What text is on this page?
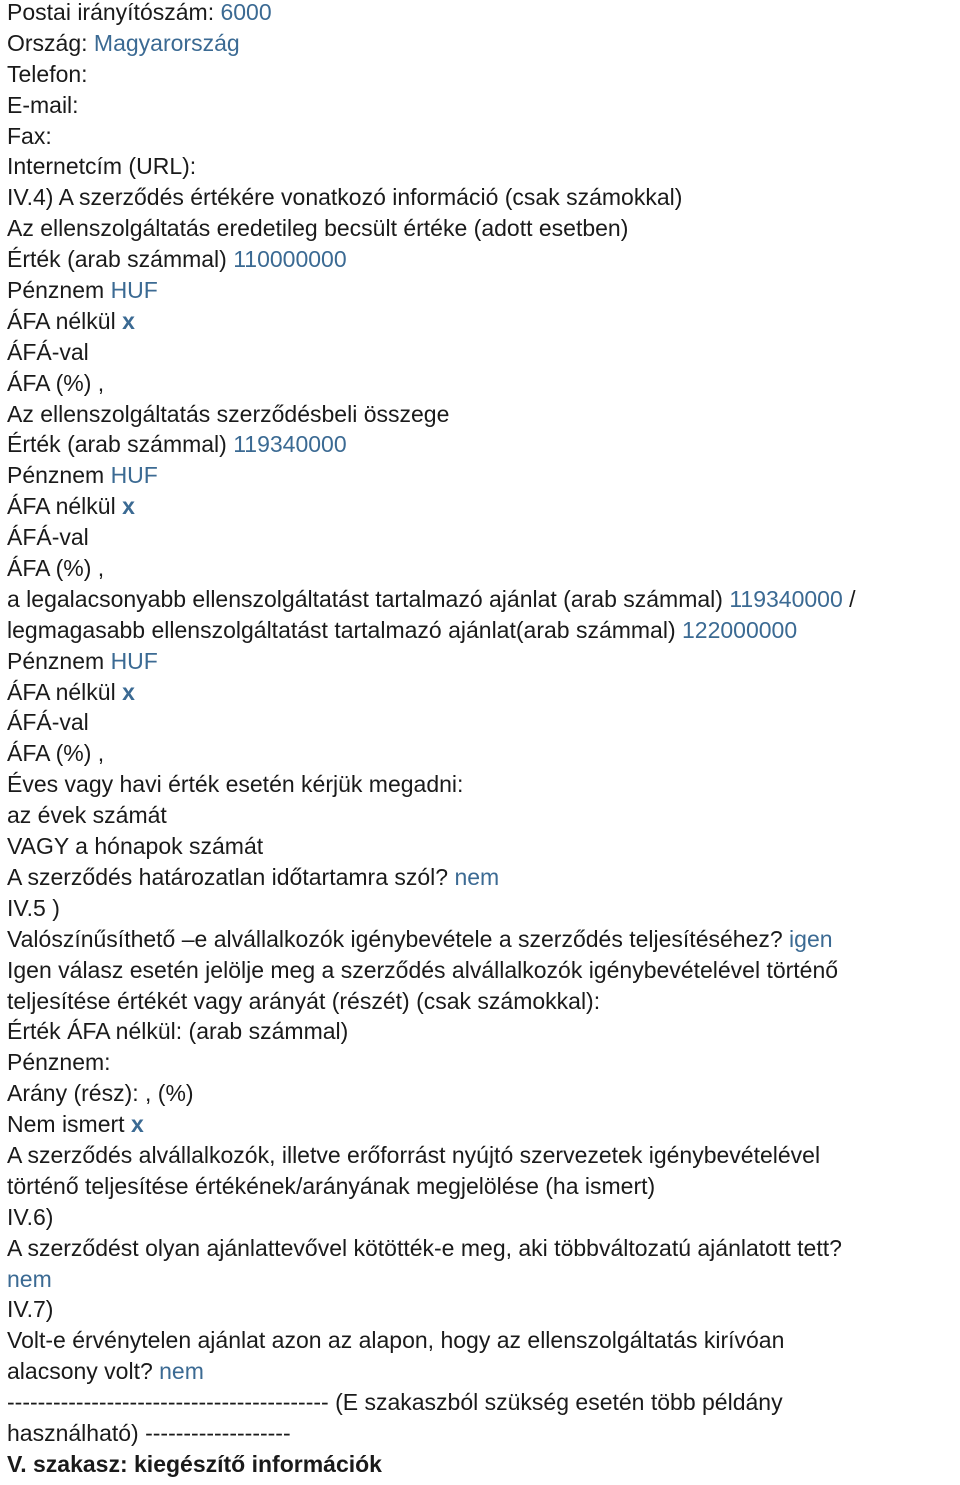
Postai irányítószám: 6000
Ország: Magyarország
Telefon:
E-mail:
Fax:
Internetcím (URL):
IV.4) A szerződés értékére vonatkozó információ (csak számokkal)
Az ellenszolgáltatás eredetileg becsült értéke (adott esetben)
Érték (arab számmal) 110000000
Pénznem HUF
ÁFA nélkül x
ÁFÁ-val
ÁFA (%) ,
Az ellenszolgáltatás szerződésbeli összege
Érték (arab számmal) 119340000
Pénznem HUF
ÁFA nélkül x
ÁFÁ-val
ÁFA (%) ,
a legalacsonyabb ellenszolgáltatást tartalmazó ajánlat (arab számmal) 119340000 /
legmagasabb ellenszolgáltatást tartalmazó ajánlat(arab számmal) 122000000
Pénznem HUF
ÁFA nélkül x
ÁFÁ-val
ÁFA (%) ,
Éves vagy havi érték esetén kérjük megadni:
az évek számát
VAGY a hónapok számát
A szerződés határozatlan időtartamra szól? nem
IV.5 )
Valószínűsíthető –e alvállalkozók igénybevétele a szerződés teljesítéséhez? igen
Igen válasz esetén jelölje meg a szerződés alvállalkozók igénybevételével történő
teljesítése értékét vagy arányát (részét) (csak számokkal):
Érték ÁFA nélkül: (arab számmal)
Pénznem:
Arány (rész): , (%)
Nem ismert x
A szerződés alvállalkozók, illetve erőforrást nyújtó szervezetek igénybevételével
történő teljesítése értékének/arányának megjelölése (ha ismert)
IV.6)
A szerződést olyan ajánlattevővel kötötték-e meg, aki többváltozatú ajánlatott tett?
nem
IV.7)
Volt-e érvénytelen ajánlat azon az alapon, hogy az ellenszolgáltatás kirívóan
alacsony volt? nem
------------------------------------------ (E szakaszból szükség esetén több példány
használható) -------------------
V. szakasz: kiegészítő információk
